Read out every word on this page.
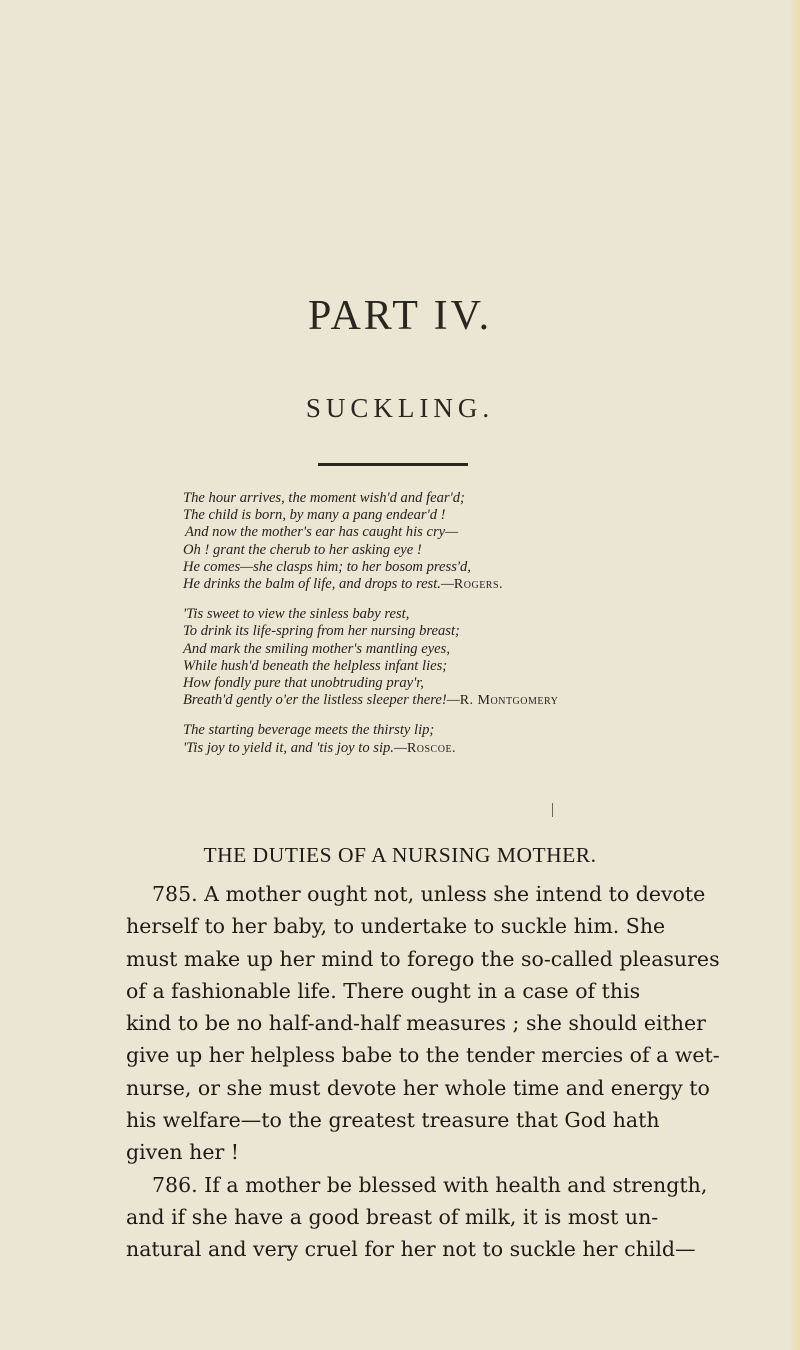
PART IV.
SUCKLING.
The hour arrives, the moment wish'd and fear'd;
The child is born, by many a pang endear'd !
And now the mother's ear has caught his cry—
Oh ! grant the cherub to her asking eye !
He comes—she clasps him; to her bosom press'd,
He drinks the balm of life, and drops to rest.—Rogers.
'Tis sweet to view the sinless baby rest,
To drink its life-spring from her nursing breast;
And mark the smiling mother's mantling eyes,
While hush'd beneath the helpless infant lies;
How fondly pure that unobtruding pray'r,
Breath'd gently o'er the listless sleeper there!—R. Montgomery
The starting beverage meets the thirsty lip;
'Tis joy to yield it, and 'tis joy to sip.—Roscoe.
THE DUTIES OF A NURSING MOTHER.
785. A mother ought not, unless she intend to devote
herself to her baby, to undertake to suckle him. She
must make up her mind to forego the so-called pleasures
of a fashionable life. There ought in a case of this
kind to be no half-and-half measures ; she should either
give up her helpless babe to the tender mercies of a wet-
nurse, or she must devote her whole time and energy to
his welfare—to the greatest treasure that God hath
given her !
786. If a mother be blessed with health and strength,
and if she have a good breast of milk, it is most un-
natural and very cruel for her not to suckle her child—
